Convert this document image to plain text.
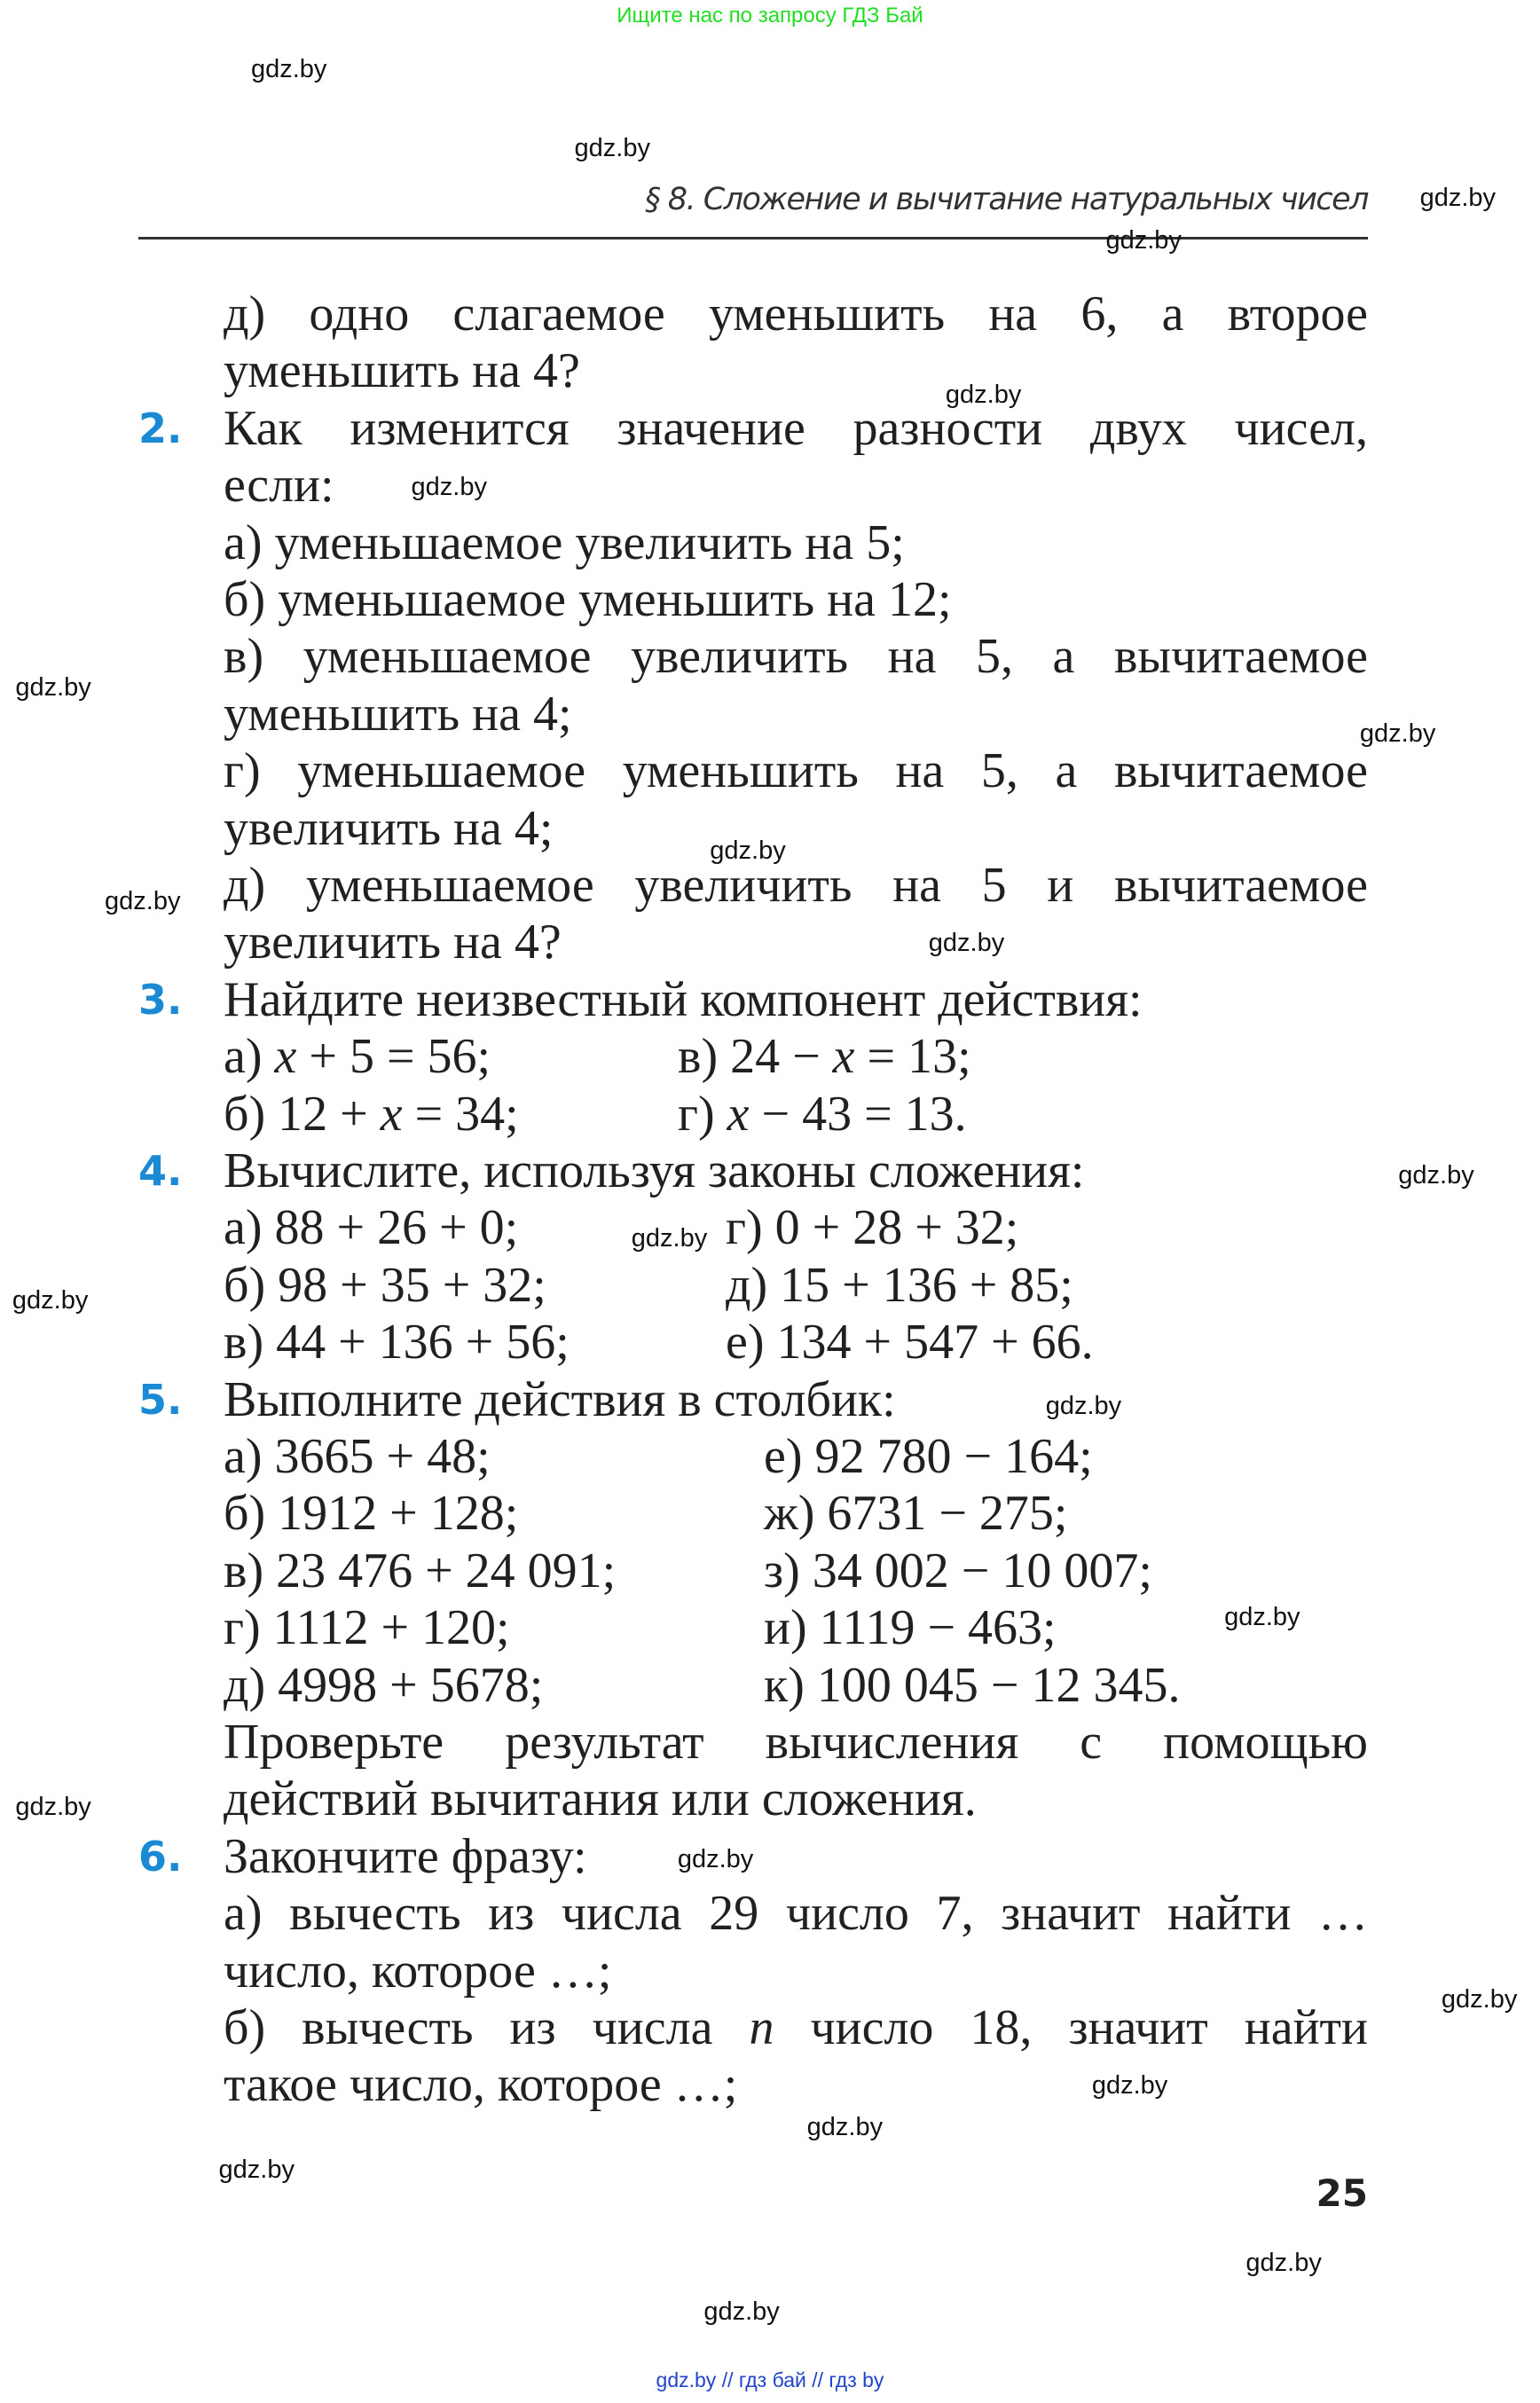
Ищите нас по запросу ГДЗ Бай
§ 8. Сложение и вычитание натуральных чисел
д) одно слагаемое уменьшить на 6, а второе
уменьшить на 4?
2. Как изменится значение разности двух чисел,
если:
а) уменьшаемое увеличить на 5;
б) уменьшаемое уменьшить на 12;
в) уменьшаемое увеличить на 5, а вычитаемое
уменьшить на 4;
г) уменьшаемое уменьшить на 5, а вычитаемое
увеличить на 4;
д) уменьшаемое увеличить на 5 и вычитаемое
увеличить на 4?
3. Найдите неизвестный компонент действия:
а) x + 5 = 56;	в) 24 − x = 13;
б) 12 + x = 34;	г) x − 43 = 13.
4. Вычислите, используя законы сложения:
а) 88 + 26 + 0;	г) 0 + 28 + 32;
б) 98 + 35 + 32;	д) 15 + 136 + 85;
в) 44 + 136 + 56;	е) 134 + 547 + 66.
5. Выполните действия в столбик:
а) 3665 + 48;	е) 92 780 − 164;
б) 1912 + 128;	ж) 6731 − 275;
в) 23 476 + 24 091;	з) 34 002 − 10 007;
г) 1112 + 120;	и) 1119 − 463;
д) 4998 + 5678;	к) 100 045 − 12 345.
Проверьте результат вычисления с помощью
действий вычитания или сложения.
6. Закончите фразу:
а) вычесть из числа 29 число 7, значит найти …
число, которое …;
б) вычесть из числа n число 18, значит найти
такое число, которое …;
gdz.by
gdz.by
gdz.by
gdz.by
gdz.by
gdz.by
gdz.by
gdz.by
gdz.by
gdz.by
gdz.by
gdz.by
gdz.by
gdz.by
gdz.by
gdz.by
gdz.by
gdz.by
gdz.by
gdz.by
gdz.by
gdz.by
gdz.by
gdz.by
25
gdz.by // гдз бай // гдз by
